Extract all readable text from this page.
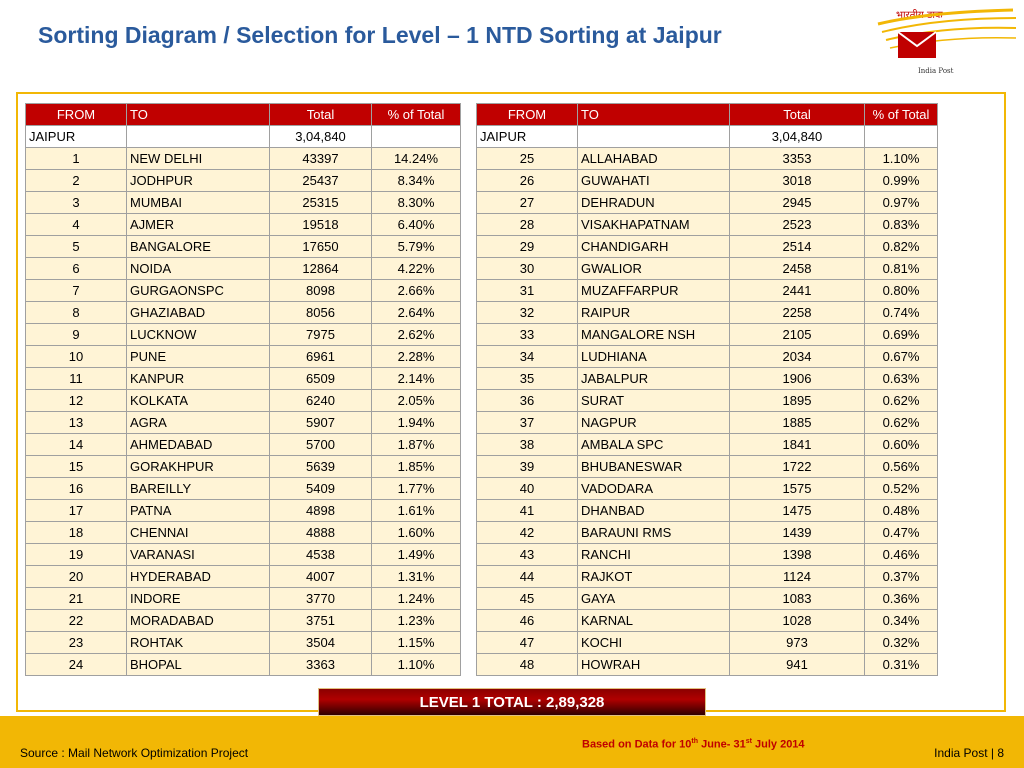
Sorting Diagram / Selection for Level – 1 NTD Sorting at Jaipur
भारतीय डाक
India Post
FROM	TO	Total	% of Total
JAIPUR		3,04,840	
1	NEW DELHI	43397	14.24%
2	JODHPUR	25437	8.34%
3	MUMBAI	25315	8.30%
4	AJMER	19518	6.40%
5	BANGALORE	17650	5.79%
6	NOIDA	12864	4.22%
7	GURGAONSPC	8098	2.66%
8	GHAZIABAD	8056	2.64%
9	LUCKNOW	7975	2.62%
10	PUNE	6961	2.28%
11	KANPUR	6509	2.14%
12	KOLKATA	6240	2.05%
13	AGRA	5907	1.94%
14	AHMEDABAD	5700	1.87%
15	GORAKHPUR	5639	1.85%
16	BAREILLY	5409	1.77%
17	PATNA	4898	1.61%
18	CHENNAI	4888	1.60%
19	VARANASI	4538	1.49%
20	HYDERABAD	4007	1.31%
21	INDORE	3770	1.24%
22	MORADABAD	3751	1.23%
23	ROHTAK	3504	1.15%
24	BHOPAL	3363	1.10%
FROM	TO	Total	% of Total
JAIPUR		3,04,840	
25	ALLAHABAD	3353	1.10%
26	GUWAHATI	3018	0.99%
27	DEHRADUN	2945	0.97%
28	VISAKHAPATNAM	2523	0.83%
29	CHANDIGARH	2514	0.82%
30	GWALIOR	2458	0.81%
31	MUZAFFARPUR	2441	0.80%
32	RAIPUR	2258	0.74%
33	MANGALORE NSH	2105	0.69%
34	LUDHIANA	2034	0.67%
35	JABALPUR	1906	0.63%
36	SURAT	1895	0.62%
37	NAGPUR	1885	0.62%
38	AMBALA SPC	1841	0.60%
39	BHUBANESWAR	1722	0.56%
40	VADODARA	1575	0.52%
41	DHANBAD	1475	0.48%
42	BARAUNI RMS	1439	0.47%
43	RANCHI	1398	0.46%
44	RAJKOT	1124	0.37%
45	GAYA	1083	0.36%
46	KARNAL	1028	0.34%
47	KOCHI	973	0.32%
48	HOWRAH	941	0.31%
LEVEL 1 TOTAL : 2,89,328
Source : Mail Network Optimization Project
Based on Data for 10th June- 31st July 2014
India Post | 8
